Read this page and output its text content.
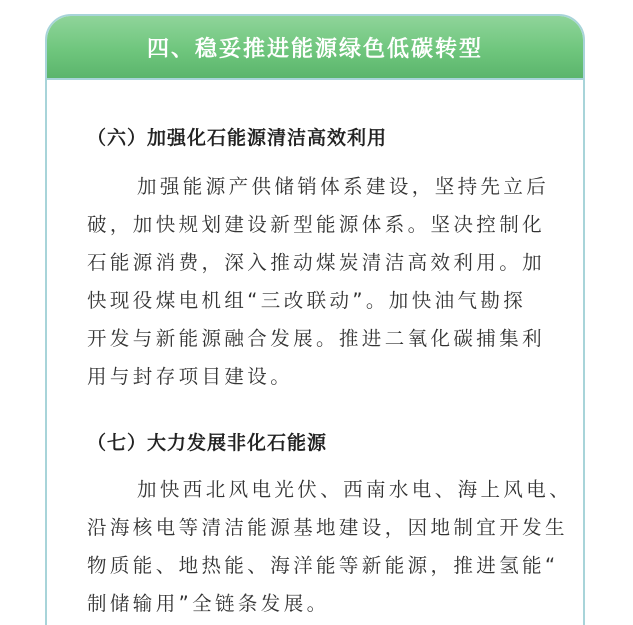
四、稳妥推进能源绿色低碳转型
（六）加强化石能源清洁高效利用
加强能源产供储销体系建设，坚持先立后
破，加快规划建设新型能源体系。坚决控制化
石能源消费，深入推动煤炭清洁高效利用。加
快现役煤电机组“三改联动”。加快油气勘探
开发与新能源融合发展。推进二氧化碳捕集利
用与封存项目建设。
（七）大力发展非化石能源
加快西北风电光伏、西南水电、海上风电、
沿海核电等清洁能源基地建设，因地制宜开发生
物质能、地热能、海洋能等新能源，推进氢能“
制储输用”全链条发展。
